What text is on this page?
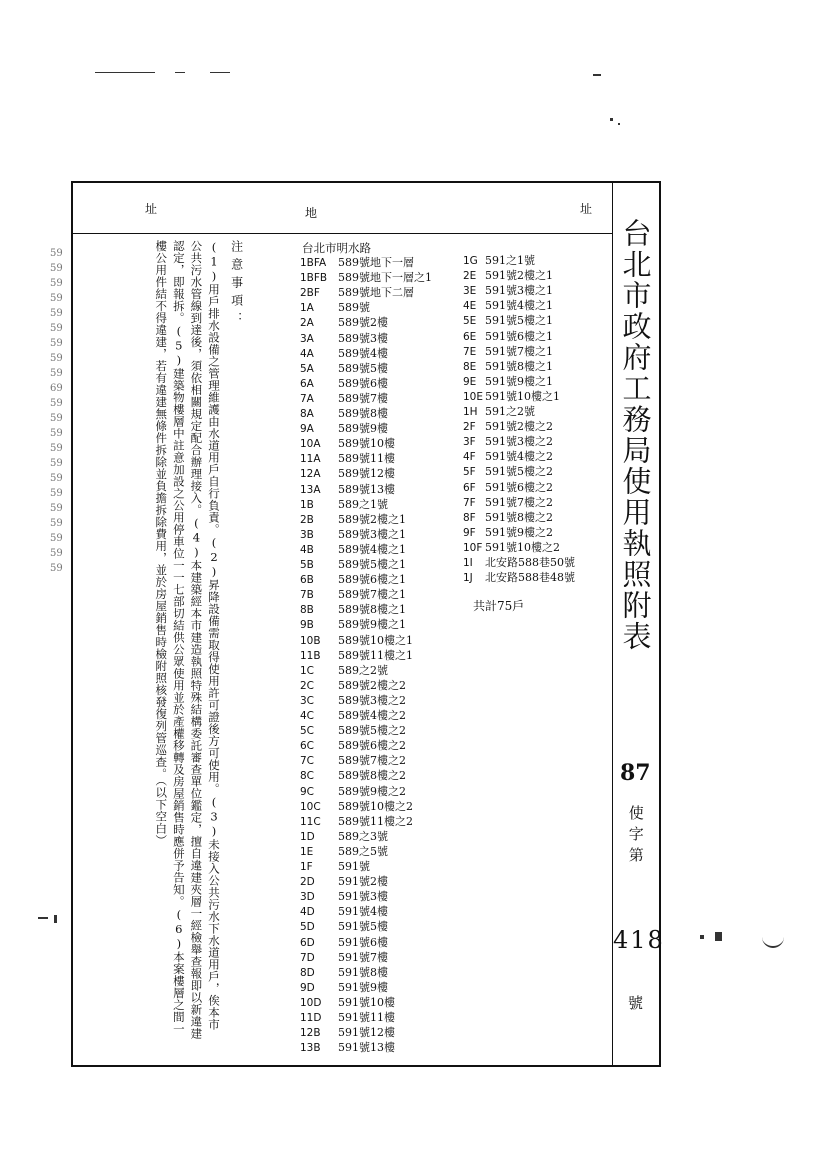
59
59
59
59
59
59
59
59
59
69
59
59
59
59
59
59
59
59
59
59
59
59
址	地	址
注意事項：
(1)用戶排水設備之管理維護由水道用戶自行負責。(2)昇降設備需取得使用許可證後方可使用。(3)未接入公共污水下水道用戶，俟本市公共污水管線到達後，須依相關規定配合辦理接入。(4)本建築經本市建造執照特殊結構委託審查單位鑑定，擅自違建夾層一經檢舉查報即以新違建認定，即報拆。(5)建築物樓層中註意加設之公用停車位一一七部切結供公眾使用並於產權移轉及房屋銷售時應併予告知。(6)本案樓層之間一樓公用件結不得違建，若有違建無條件拆除並負擔拆除費用，並於房屋銷售時檢附照核發復列管巡查。（以下空白）	台北市明水路
1BFA 589號地下一層
1BFB 589號地下一層之1
2BF 589號地下二層
1A 589號
2A 589號2樓
3A 589號3樓
4A 589號4樓
5A 589號5樓
6A 589號6樓
7A 589號7樓
8A 589號8樓
9A 589號9樓
10A 589號10樓
11A 589號11樓
12A 589號12樓
13A 589號13樓
1B 589之1號
2B 589號2樓之1
3B 589號3樓之1
4B 589號4樓之1
5B 589號5樓之1
6B 589號6樓之1
7B 589號7樓之1
8B 589號8樓之1
9B 589號9樓之1
10B 589號10樓之1
11B 589號11樓之1
1C 589之2號
2C 589號2樓之2
3C 589號3樓之2
4C 589號4樓之2
5C 589號5樓之2
6C 589號6樓之2
7C 589號7樓之2
8C 589號8樓之2
9C 589號9樓之2
10C 589號10樓之2
11C 589號11樓之2
1D 589之3號
1E 589之5號
1F 591號
2D 591號2樓
3D 591號3樓
4D 591號4樓
5D 591號5樓
6D 591號6樓
7D 591號7樓
8D 591號8樓
9D 591號9樓
10D 591號10樓
11D 591號11樓
12B 591號12樓
13B 591號13樓
1G 591之1號
2E 591號2樓之1
3E 591號3樓之1
4E 591號4樓之1
5E 591號5樓之1
6E 591號6樓之1
7E 591號7樓之1
8E 591號8樓之1
9E 591號9樓之1
10E 591號10樓之1
1H 591之2號
2F 591號2樓之2
3F 591號3樓之2
4F 591號4樓之2
5F 591號5樓之2
6F 591號6樓之2
7F 591號7樓之2
8F 591號8樓之2
9F 591號9樓之2
10F 591號10樓之2
1I 北安路588巷50號
1J 北安路588巷48號
共計75戶	台北市政府工務局使用執照附表
87
使字第
418
號
